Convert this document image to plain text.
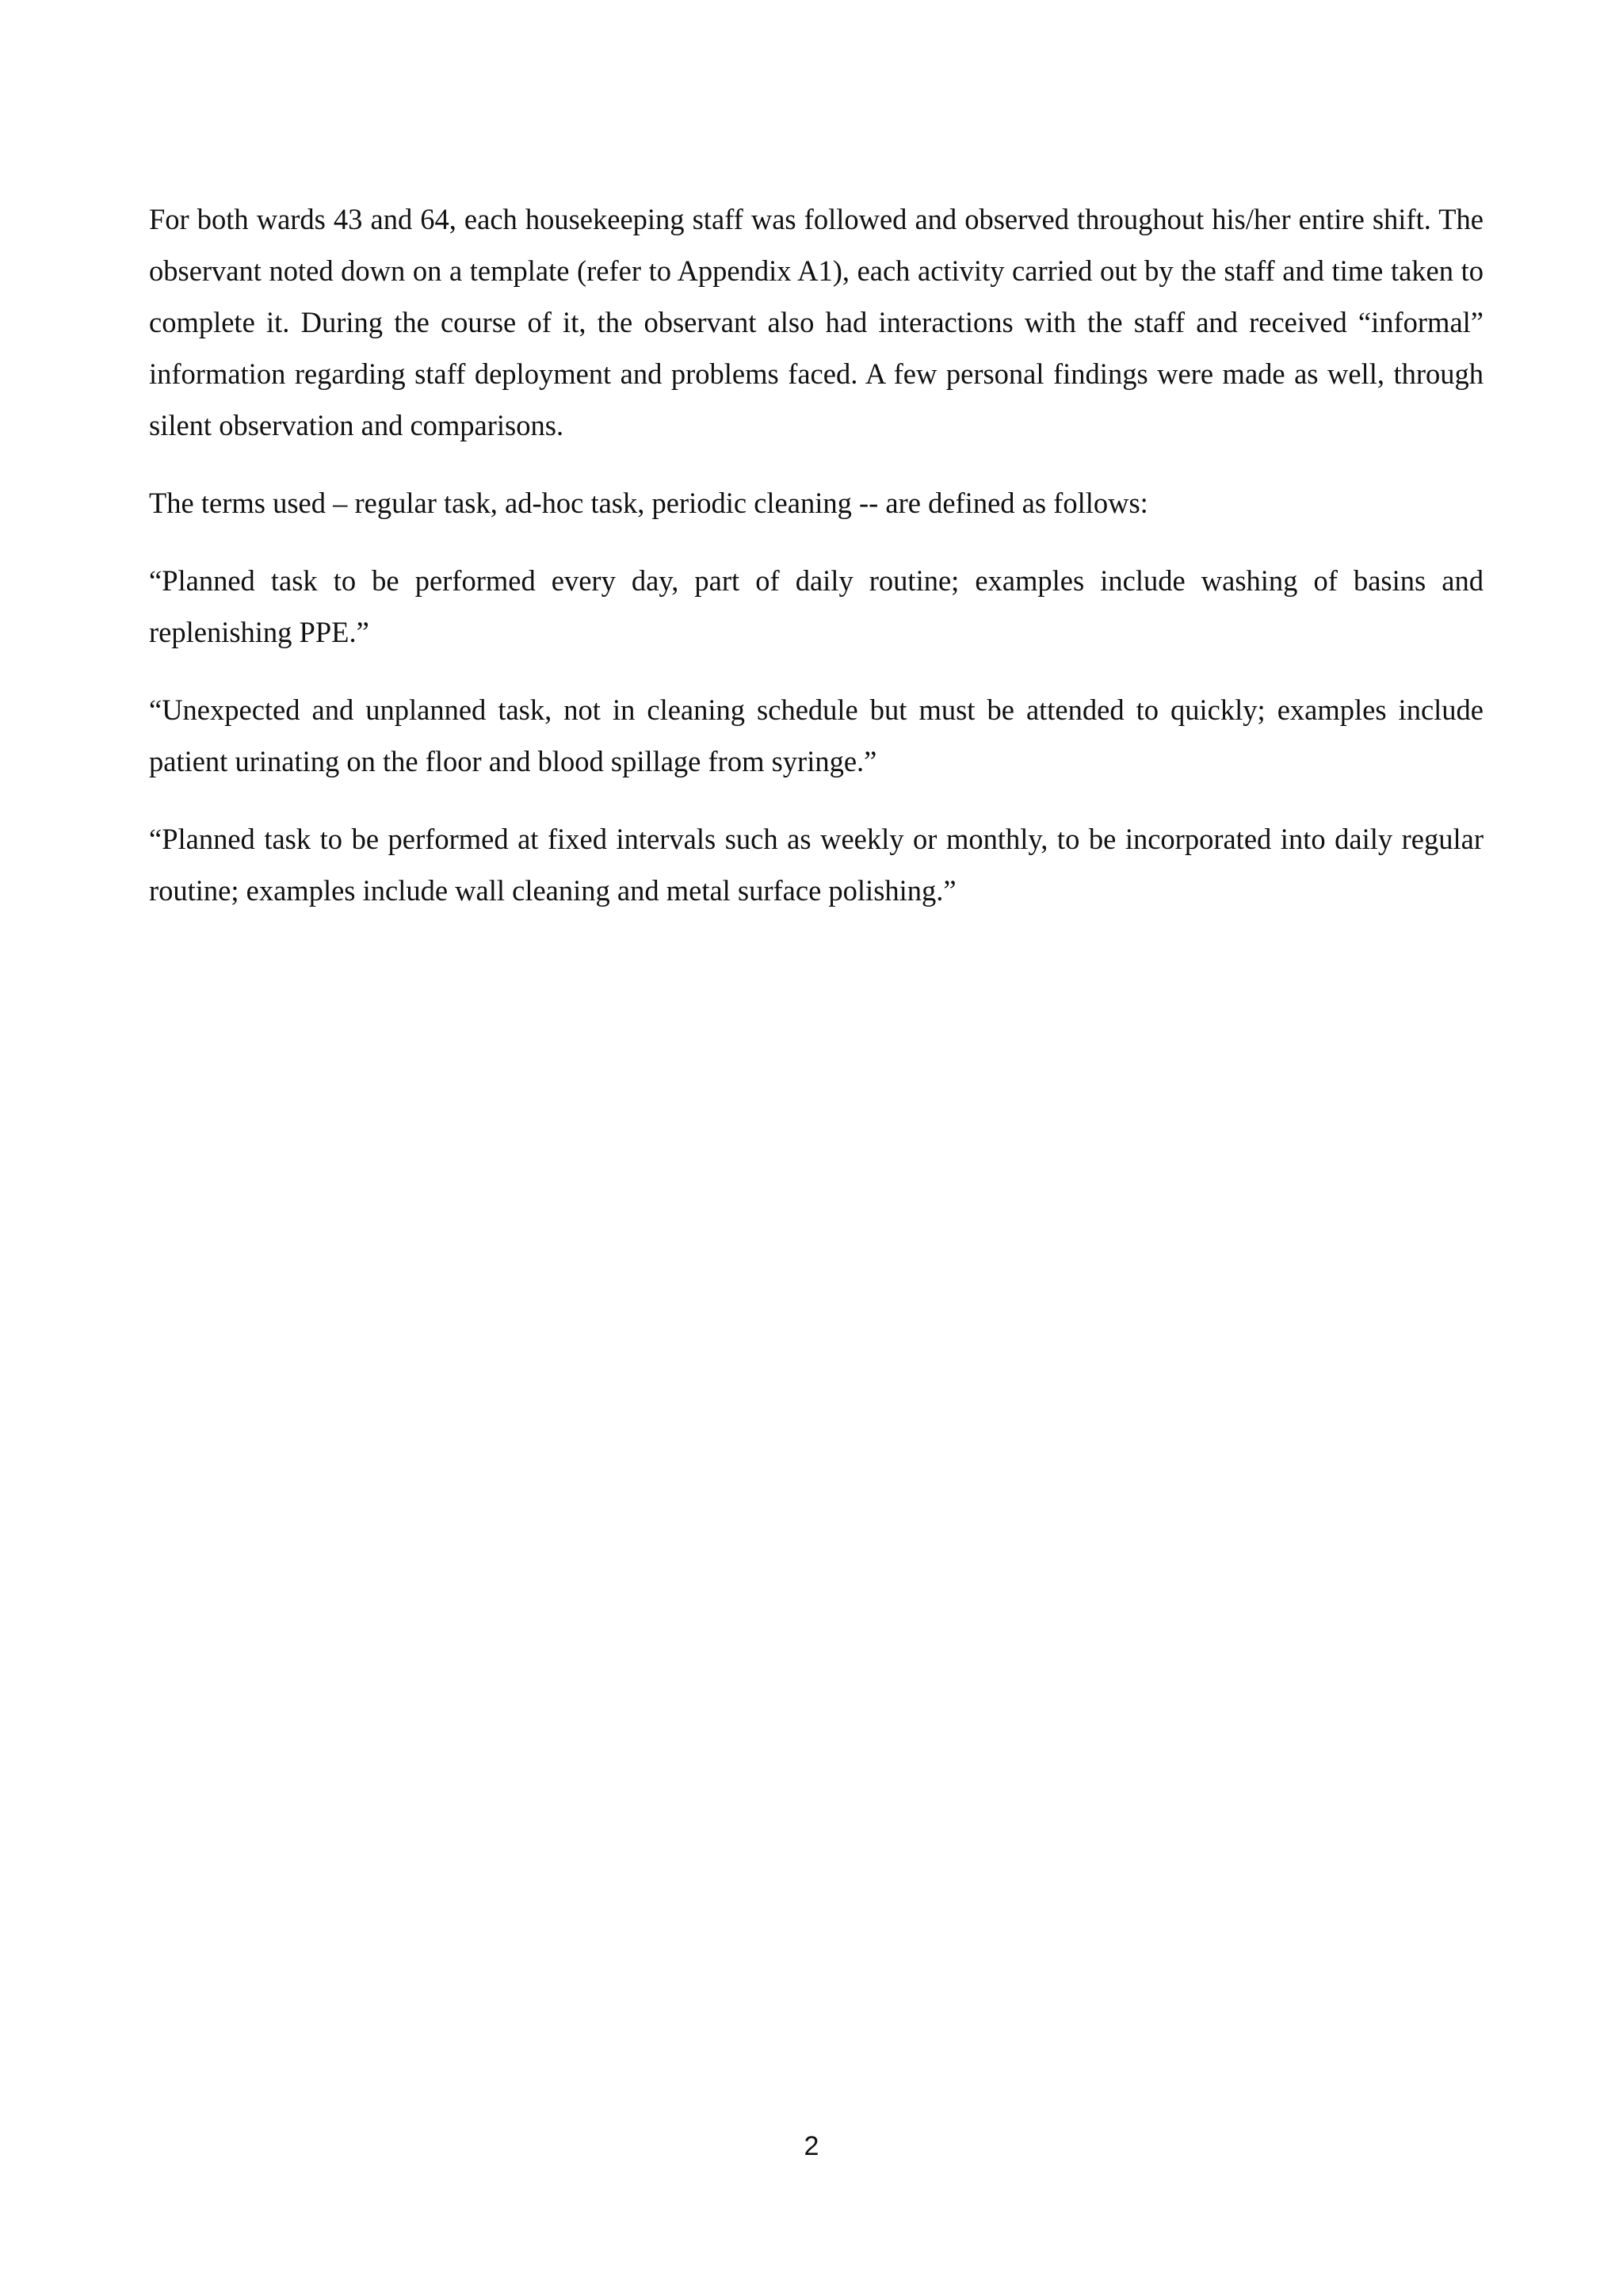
For both wards 43 and 64, each housekeeping staff was followed and observed throughout his/her entire shift. The observant noted down on a template (refer to Appendix A1), each activity carried out by the staff and time taken to complete it. During the course of it, the observant also had interactions with the staff and received “informal” information regarding staff deployment and problems faced. A few personal findings were made as well, through silent observation and comparisons.

The terms used – regular task, ad-hoc task, periodic cleaning -- are defined as follows:

“Planned task to be performed every day, part of daily routine; examples include washing of basins and replenishing PPE.”

“Unexpected and unplanned task, not in cleaning schedule but must be attended to quickly; examples include patient urinating on the floor and blood spillage from syringe.”

“Planned task to be performed at fixed intervals such as weekly or monthly, to be incorporated into daily regular routine; examples include wall cleaning and metal surface polishing.”

2
